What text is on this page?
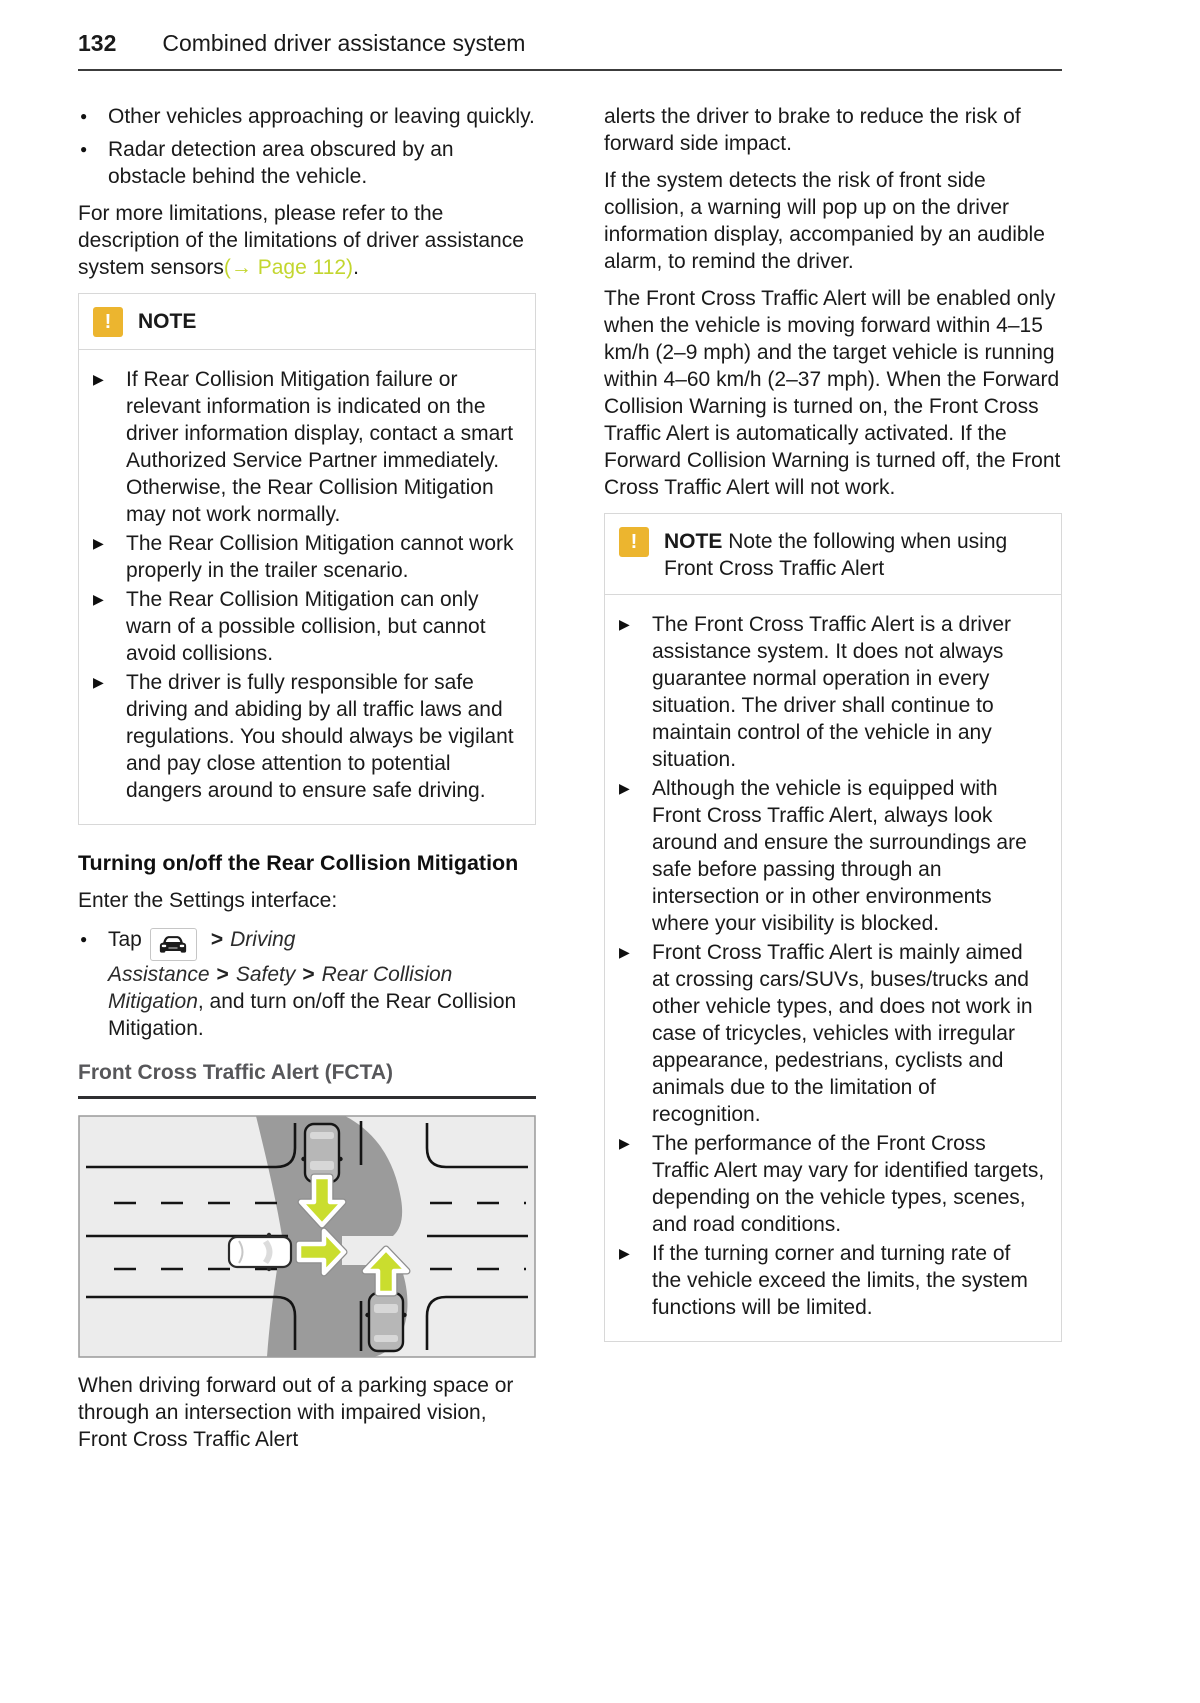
132 Combined driver assistance system
● Other vehicles approaching or leaving quickly.
● Radar detection area obscured by an obstacle behind the vehicle.

For more limitations, please refer to the description of the limitations of driver assistance system sensors(→ Page 112).

!	NOTE
▶ If Rear Collision Mitigation failure or relevant information is indicated on the driver information display, contact a smart Authorized Service Partner immediately. Otherwise, the Rear Collision Mitigation may not work normally.
▶ The Rear Collision Mitigation cannot work properly in the trailer scenario.
▶ The Rear Collision Mitigation can only warn of a possible collision, but cannot avoid collisions.
▶ The driver is fully responsible for safe driving and abiding by all traffic laws and regulations. You should always be vigilant and pay close attention to potential dangers around to ensure safe driving.
Turning on/off the Rear Collision Mitigation

Enter the Settings interface:

● Tap	> Driving Assistance > Safety > Rear Collision Mitigation, and turn on/off the Rear Collision Mitigation.
Front Cross Traffic Alert (FCTA)

When driving forward out of a parking space or through an intersection with impaired vision, Front Cross Traffic Alert

alerts the driver to brake to reduce the risk of forward side impact.

If the system detects the risk of front side collision, a warning will pop up on the driver information display, accompanied by an audible alarm, to remind the driver.

The Front Cross Traffic Alert will be enabled only when the vehicle is moving forward within 4–15 km/h (2–9 mph) and the target vehicle is running within 4–60 km/h (2–37 mph). When the Forward Collision Warning is turned on, the Front Cross Traffic Alert is automatically activated. If the Forward Collision Warning is turned off, the Front Cross Traffic Alert will not work.

!	NOTE Note the following when using Front Cross Traffic Alert
▶ The Front Cross Traffic Alert is a driver assistance system. It does not always guarantee normal operation in every situation. The driver shall continue to maintain control of the vehicle in any situation.
▶ Although the vehicle is equipped with Front Cross Traffic Alert, always look around and ensure the surroundings are safe before passing through an intersection or in other environments where your visibility is blocked.
▶ Front Cross Traffic Alert is mainly aimed at crossing cars/SUVs, buses/trucks and other vehicle types, and does not work in case of tricycles, vehicles with irregular appearance, pedestrians, cyclists and animals due to the limitation of recognition.
▶ The performance of the Front Cross Traffic Alert may vary for identified targets, depending on the vehicle types, scenes, and road conditions.
▶ If the turning corner and turning rate of the vehicle exceed the limits, the system functions will be limited.
